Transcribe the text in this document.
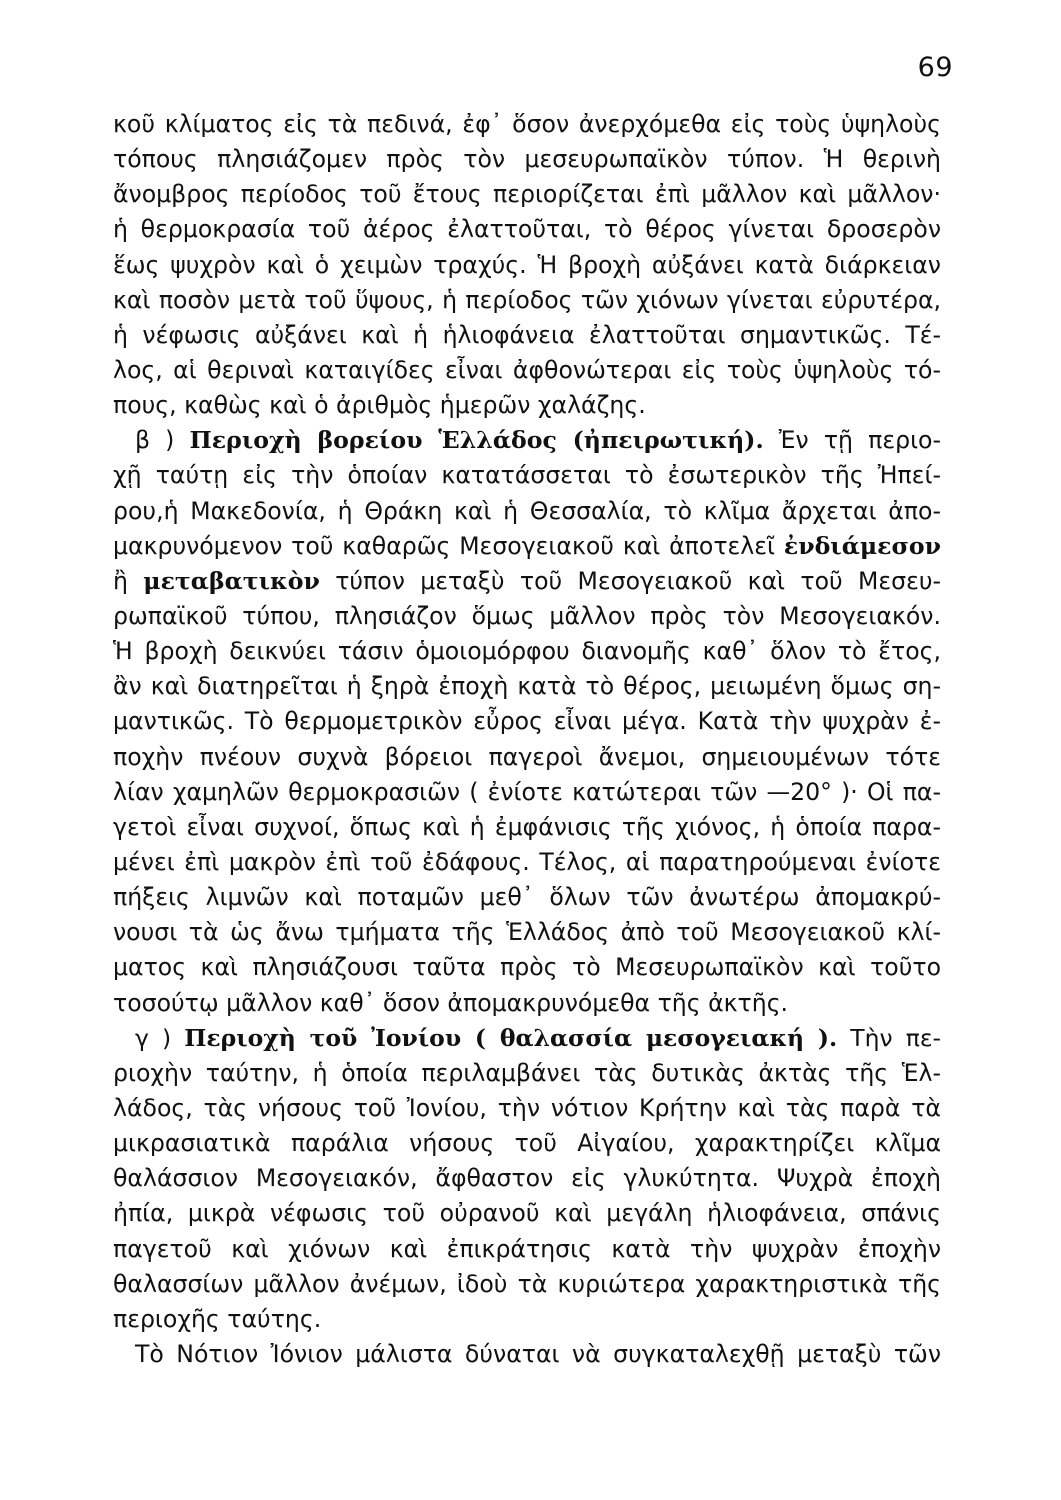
69
κοῦ κλίματος εἰς τὰ πεδινά, ἐφ᾽ ὅσον ἀνερχόμεθα εἰς τοὺς ὑψηλοὺς
τόπους πλησιάζομεν πρὸς τὸν μεσευρωπαϊκὸν τύπον. Ἡ θερινὴ
ἄνομβρος περίοδος τοῦ ἔτους περιορίζεται ἐπὶ μᾶλλον καὶ μᾶλλον·
ἡ θερμοκρασία τοῦ ἀέρος ἐλαττοῦται, τὸ θέρος γίνεται δροσερὸν
ἕως ψυχρὸν καὶ ὁ χειμὼν τραχύς. Ἡ βροχὴ αὐξάνει κατὰ διάρκειαν
καὶ ποσὸν μετὰ τοῦ ὕψους, ἡ περίοδος τῶν χιόνων γίνεται εὐρυτέρα,
ἡ νέφωσις αὐξάνει καὶ ἡ ἡλιοφάνεια ἐλαττοῦται σημαντικῶς. Τέ-
λος, αἱ θεριναὶ καταιγίδες εἶναι ἀφθονώτεραι εἰς τοὺς ὑψηλοὺς τό-
πους, καθὼς καὶ ὁ ἀριθμὸς ἡμερῶν χαλάζης.
β ) Περιοχὴ βορείου Ἑλλάδος (ἠπειρωτική). Ἐν τῇ περιο-
χῇ ταύτῃ εἰς τὴν ὁποίαν κατατάσσεται τὸ ἐσωτερικὸν τῆς Ἠπεί-
ρου,ἡ Μακεδονία, ἡ Θράκη καὶ ἡ Θεσσαλία, τὸ κλῖμα ἄρχεται ἀπο-
μακρυνόμενον τοῦ καθαρῶς Μεσογειακοῦ καὶ ἀποτελεῖ ἐνδιάμεσον
ἢ μεταβατικὸν τύπον μεταξὺ τοῦ Μεσογειακοῦ καὶ τοῦ Μεσευ-
ρωπαϊκοῦ τύπου, πλησιάζον ὅμως μᾶλλον πρὸς τὸν Μεσογειακόν.
Ἡ βροχὴ δεικνύει τάσιν ὁμοιομόρφου διανομῆς καθ᾽ ὅλον τὸ ἔτος,
ἂν καὶ διατηρεῖται ἡ ξηρὰ ἐποχὴ κατὰ τὸ θέρος, μειωμένη ὅμως ση-
μαντικῶς. Τὸ θερμομετρικὸν εὖρος εἶναι μέγα. Κατὰ τὴν ψυχρὰν ἐ-
ποχὴν πνέουν συχνὰ βόρειοι παγεροὶ ἄνεμοι, σημειουμένων τότε
λίαν χαμηλῶν θερμοκρασιῶν ( ἐνίοτε κατώτεραι τῶν —20° )· Οἱ πα-
γετοὶ εἶναι συχνοί, ὅπως καὶ ἡ ἐμφάνισις τῆς χιόνος, ἡ ὁποία παρα-
μένει ἐπὶ μακρὸν ἐπὶ τοῦ ἐδάφους. Τέλος, αἱ παρατηρούμεναι ἐνίοτε
πήξεις λιμνῶν καὶ ποταμῶν μεθ᾽ ὅλων τῶν ἀνωτέρω ἀπομακρύ-
νουσι τὰ ὡς ἄνω τμήματα τῆς Ἑλλάδος ἀπὸ τοῦ Μεσογειακοῦ κλί-
ματος καὶ πλησιάζουσι ταῦτα πρὸς τὸ Μεσευρωπαϊκὸν καὶ τοῦτο
τοσούτῳ μᾶλλον καθ᾽ ὅσον ἀπομακρυνόμεθα τῆς ἀκτῆς.
γ ) Περιοχὴ τοῦ Ἰονίου ( θαλασσία μεσογειακή ). Τὴν πε-
ριοχὴν ταύτην, ἡ ὁποία περιλαμβάνει τὰς δυτικὰς ἀκτὰς τῆς Ἑλ-
λάδος, τὰς νήσους τοῦ Ἰονίου, τὴν νότιον Κρήτην καὶ τὰς παρὰ τὰ
μικρασιατικὰ παράλια νήσους τοῦ Αἰγαίου, χαρακτηρίζει κλῖμα
θαλάσσιον Μεσογειακόν, ἄφθαστον εἰς γλυκύτητα. Ψυχρὰ ἐποχὴ
ἠπία, μικρὰ νέφωσις τοῦ οὐρανοῦ καὶ μεγάλη ἡλιοφάνεια, σπάνις
παγετοῦ καὶ χιόνων καὶ ἐπικράτησις κατὰ τὴν ψυχρὰν ἐποχὴν
θαλασσίων μᾶλλον ἀνέμων, ἰδοὺ τὰ κυριώτερα χαρακτηριστικὰ τῆς
περιοχῆς ταύτης.
Τὸ Νότιον Ἰόνιον μάλιστα δύναται νὰ συγκαταλεχθῇ μεταξὺ τῶν
